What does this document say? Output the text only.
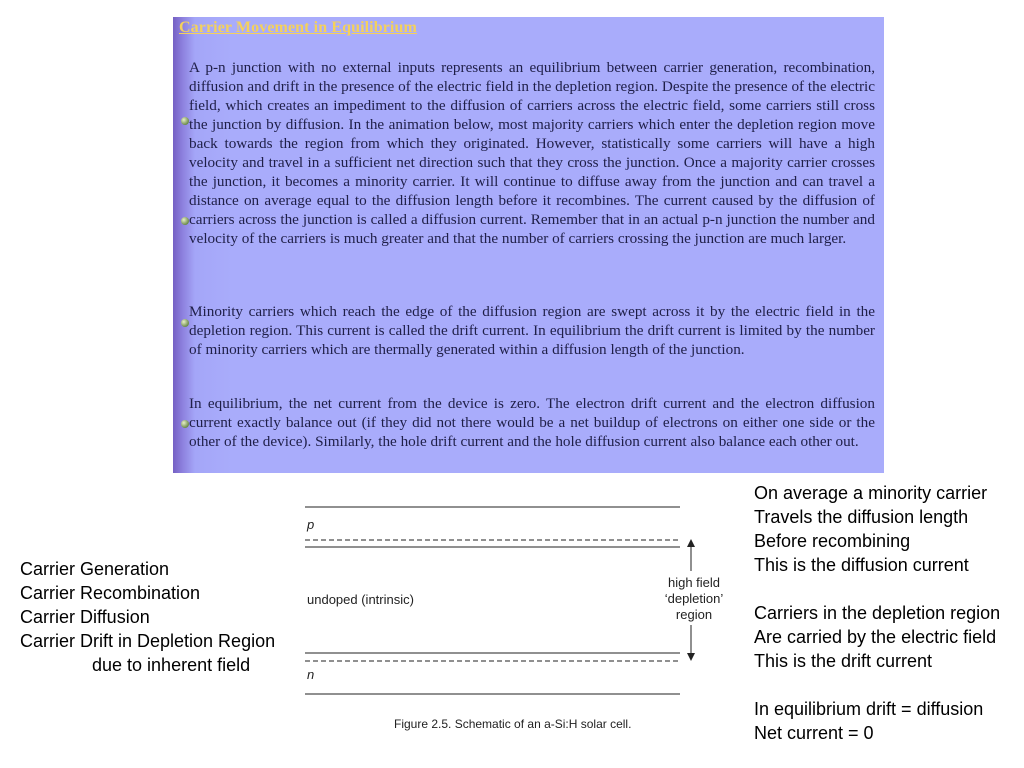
Carrier Movement in Equilibrium

A p-n junction with no external inputs represents an equilibrium between carrier generation, recombination, diffusion and drift in the presence of the electric field in the depletion region. Despite the presence of the electric field, which creates an impediment to the diffusion of carriers across the electric field, some carriers still cross the junction by diffusion. In the animation below, most majority carriers which enter the depletion region move back towards the region from which they originated. However, statistically some carriers will have a high velocity and travel in a sufficient net direction such that they cross the junction. Once a majority carrier crosses the junction, it becomes a minority carrier. It will continue to diffuse away from the junction and can travel a distance on average equal to the diffusion length before it recombines. The current caused by the diffusion of carriers across the junction is called a diffusion current. Remember that in an actual p-n junction the number and velocity of the carriers is much greater and that the number of carriers crossing the junction are much larger.

Minority carriers which reach the edge of the diffusion region are swept across it by the electric field in the depletion region. This current is called the drift current. In equilibrium the drift current is limited by the number of minority carriers which are thermally generated within a diffusion length of the junction.

In equilibrium, the net current from the device is zero. The electron drift current and the electron diffusion current exactly balance out (if they did not there would be a net buildup of electrons on either one side or the other of the device). Similarly, the hole drift current and the hole diffusion current also balance each other out.

Carrier Generation
Carrier Recombination
Carrier Diffusion
Carrier Drift in Depletion Region
due to inherent field
p
undoped (intrinsic)
n
high field
‘depletion’
region
Figure 2.5. Schematic of an a-Si:H solar cell.
On average a minority carrier
Travels the diffusion length
Before recombining
This is the diffusion current
Carriers in the depletion region
Are carried by the electric field
This is the drift current
In equilibrium drift = diffusion
Net current = 0
